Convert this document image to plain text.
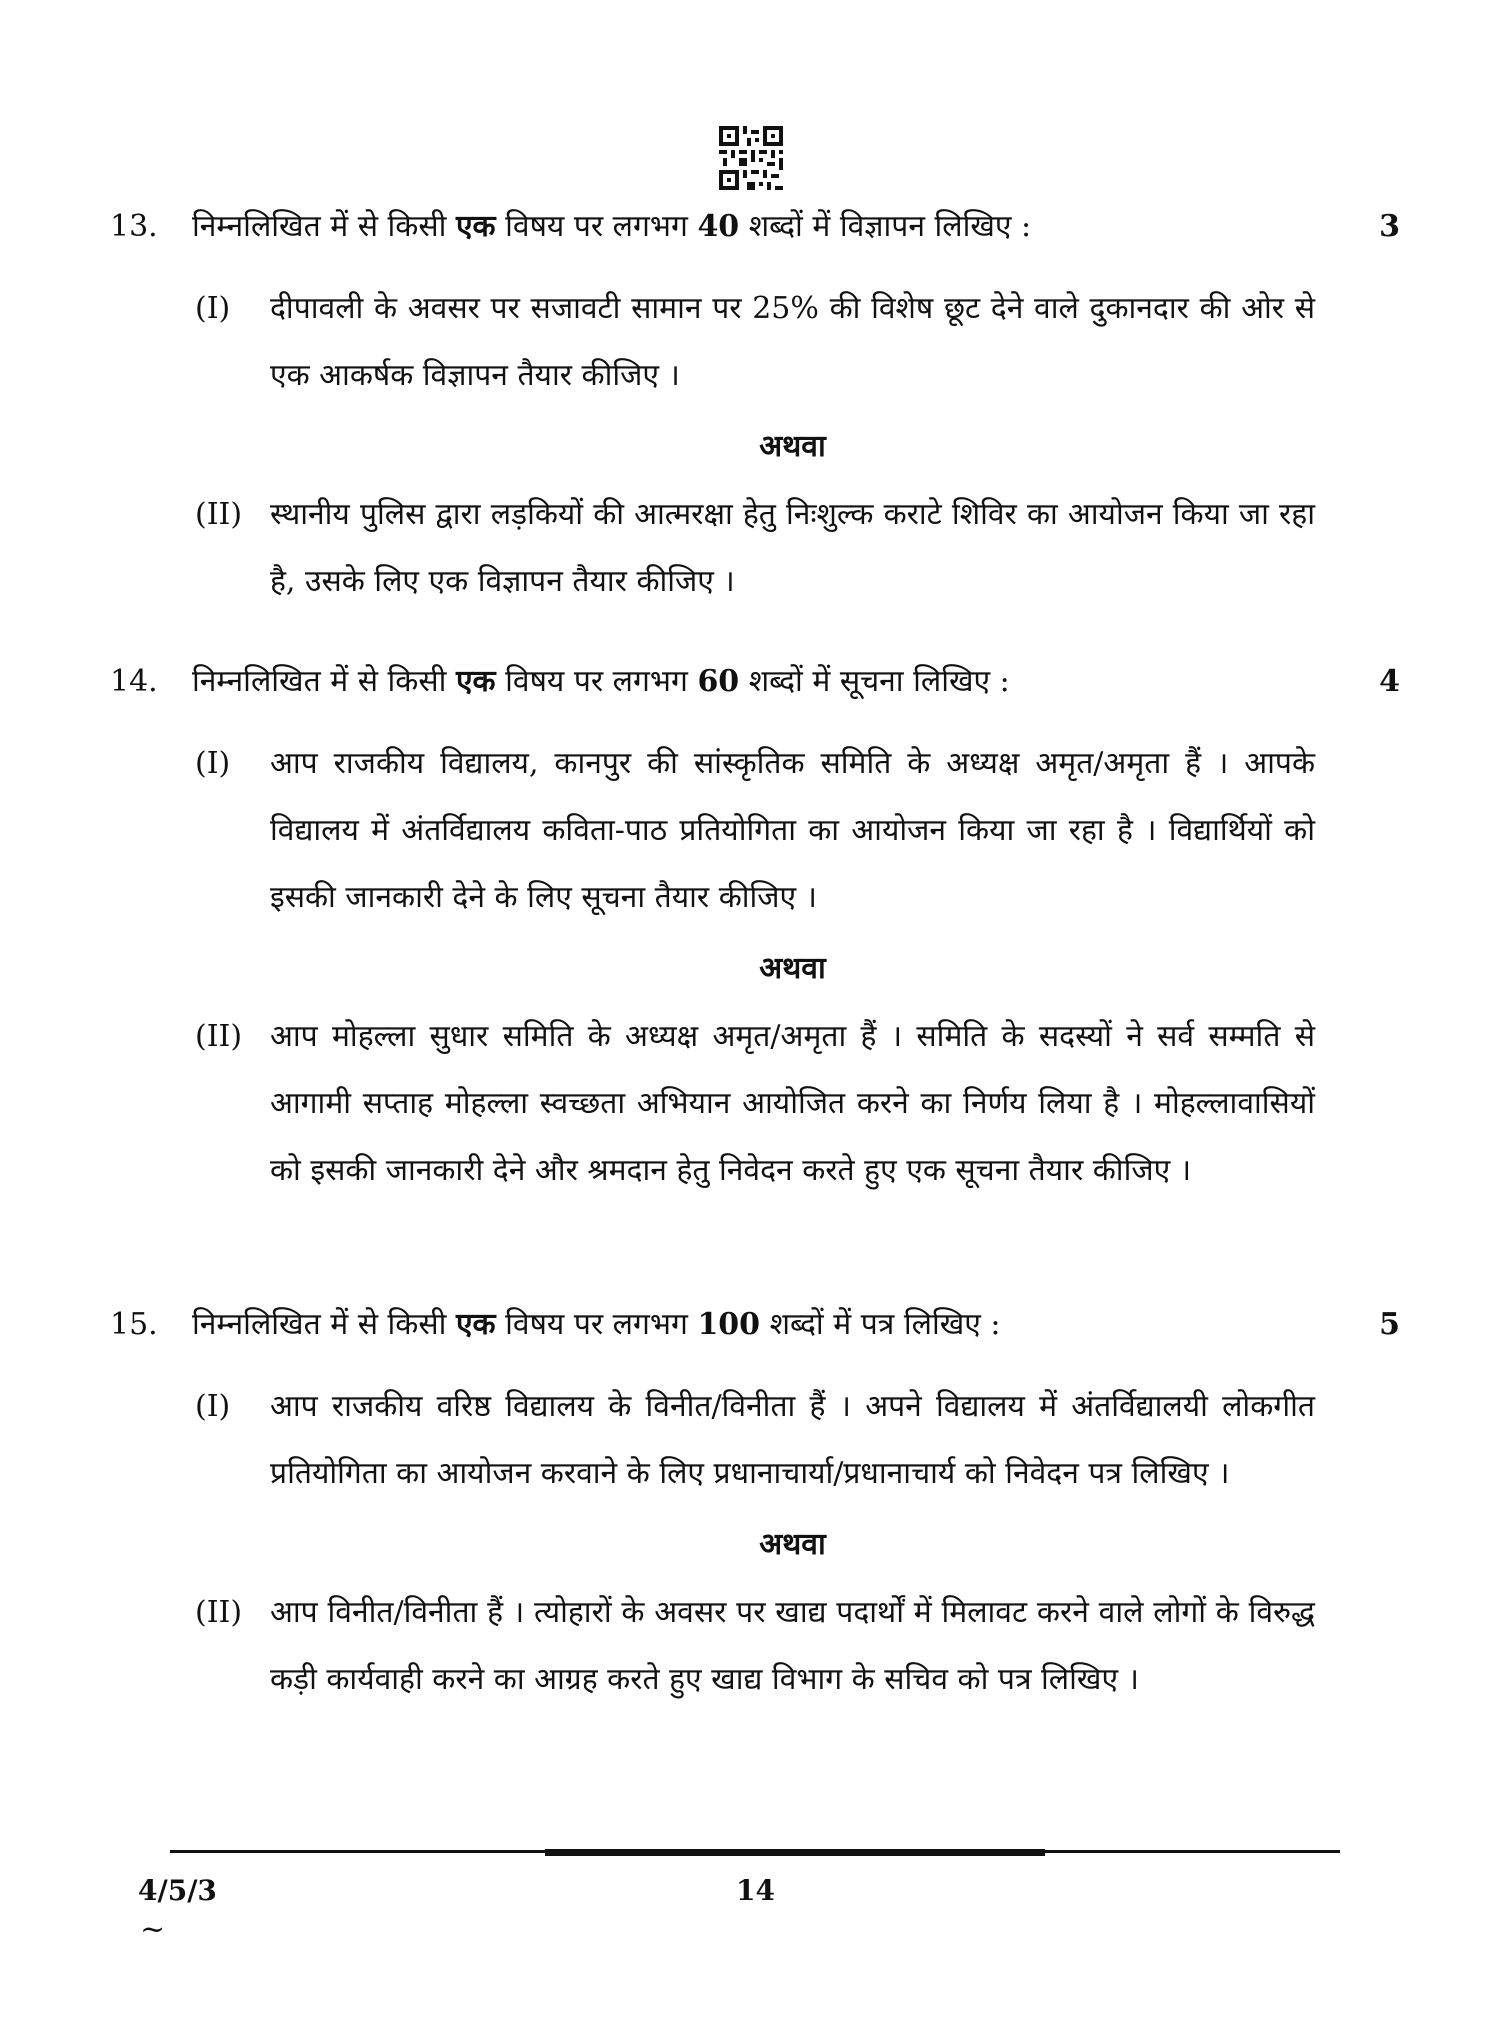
13. निम्नलिखित में से किसी एक विषय पर लगभग 40 शब्दों में विज्ञापन लिखिए :	3
(I) दीपावली के अवसर पर सजावटी सामान पर 25% की विशेष छूट देने वाले दुकानदार की ओर से एक आकर्षक विज्ञापन तैयार कीजिए ।
अथवा
(II) स्थानीय पुलिस द्वारा लड़कियों की आत्मरक्षा हेतु निःशुल्क कराटे शिविर का आयोजन किया जा रहा है, उसके लिए एक विज्ञापन तैयार कीजिए ।
14. निम्नलिखित में से किसी एक विषय पर लगभग 60 शब्दों में सूचना लिखिए :	4
(I) आप राजकीय विद्यालय, कानपुर की सांस्कृतिक समिति के अध्यक्ष अमृत/अमृता हैं । आपके विद्यालय में अंतर्विद्यालय कविता-पाठ प्रतियोगिता का आयोजन किया जा रहा है । विद्यार्थियों को इसकी जानकारी देने के लिए सूचना तैयार कीजिए ।
अथवा
(II) आप मोहल्ला सुधार समिति के अध्यक्ष अमृत/अमृता हैं । समिति के सदस्यों ने सर्व सम्मति से आगामी सप्ताह मोहल्ला स्वच्छता अभियान आयोजित करने का निर्णय लिया है । मोहल्लावासियों को इसकी जानकारी देने और श्रमदान हेतु निवेदन करते हुए एक सूचना तैयार कीजिए ।
15. निम्नलिखित में से किसी एक विषय पर लगभग 100 शब्दों में पत्र लिखिए :	5
(I) आप राजकीय वरिष्ठ विद्यालय के विनीत/विनीता हैं । अपने विद्यालय में अंतर्विद्यालयी लोकगीत प्रतियोगिता का आयोजन करवाने के लिए प्रधानाचार्या/प्रधानाचार्य को निवेदन पत्र लिखिए ।
अथवा
(II) आप विनीत/विनीता हैं । त्योहारों के अवसर पर खाद्य पदार्थों में मिलावट करने वाले लोगों के विरुद्ध कड़ी कार्यवाही करने का आग्रह करते हुए खाद्य विभाग के सचिव को पत्र लिखिए ।
4/5/3	14
~
